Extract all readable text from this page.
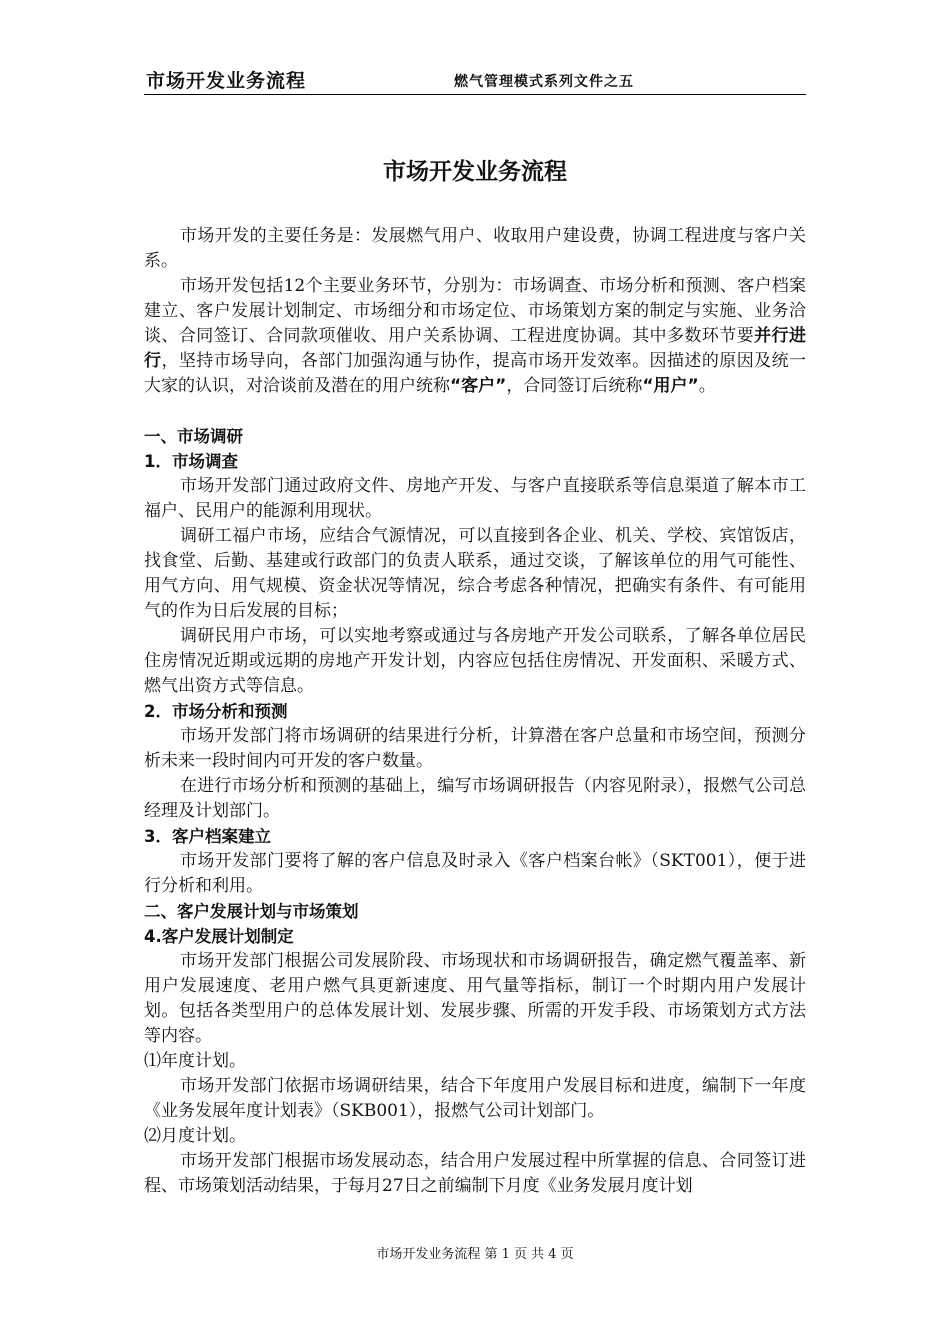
市场开发业务流程	燃气管理模式系列文件之五
市场开发业务流程

市场开发的主要任务是：发展燃气用户、收取用户建设费，协调工程进度与客户关系。

市场开发包括12个主要业务环节，分别为：市场调查、市场分析和预测、客户档案建立、客户发展计划制定、市场细分和市场定位、市场策划方案的制定与实施、业务洽谈、合同签订、合同款项催收、用户关系协调、工程进度协调。其中多数环节要并行进行，坚持市场导向，各部门加强沟通与协作，提高市场开发效率。因描述的原因及统一大家的认识，对洽谈前及潜在的用户统称“客户”，合同签订后统称“用户”。

一、市场调研

1．市场调查

市场开发部门通过政府文件、房地产开发、与客户直接联系等信息渠道了解本市工福户、民用户的能源利用现状。

调研工福户市场，应结合气源情况，可以直接到各企业、机关、学校、宾馆饭店，找食堂、后勤、基建或行政部门的负责人联系，通过交谈，了解该单位的用气可能性、用气方向、用气规模、资金状况等情况，综合考虑各种情况，把确实有条件、有可能用气的作为日后发展的目标；

调研民用户市场，可以实地考察或通过与各房地产开发公司联系，了解各单位居民住房情况近期或远期的房地产开发计划，内容应包括住房情况、开发面积、采暖方式、燃气出资方式等信息。

2．市场分析和预测

市场开发部门将市场调研的结果进行分析，计算潜在客户总量和市场空间，预测分析未来一段时间内可开发的客户数量。

在进行市场分析和预测的基础上，编写市场调研报告（内容见附录），报燃气公司总经理及计划部门。

3．客户档案建立

市场开发部门要将了解的客户信息及时录入《客户档案台帐》（SKT001），便于进行分析和利用。

二、客户发展计划与市场策划

4.客户发展计划制定

市场开发部门根据公司发展阶段、市场现状和市场调研报告，确定燃气覆盖率、新用户发展速度、老用户燃气具更新速度、用气量等指标，制订一个时期内用户发展计划。包括各类型用户的总体发展计划、发展步骤、所需的开发手段、市场策划方式方法等内容。

⑴年度计划。

市场开发部门依据市场调研结果，结合下年度用户发展目标和进度，编制下一年度《业务发展年度计划表》（SKB001），报燃气公司计划部门。

⑵月度计划。

市场开发部门根据市场发展动态，结合用户发展过程中所掌握的信息、合同签订进程、市场策划活动结果，于每月27日之前编制下月度《业务发展月度计划

市场开发业务流程 第 1 页 共 4 页
